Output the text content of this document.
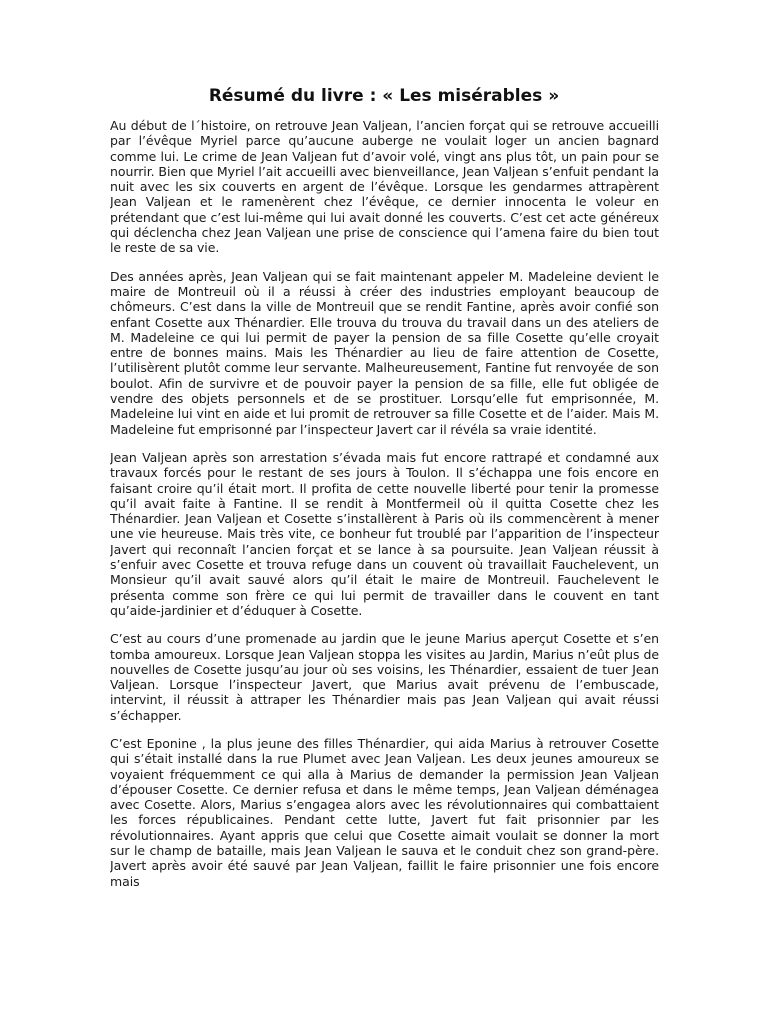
Résumé du livre : « Les misérables »

Au début de l´histoire, on retrouve Jean Valjean, l’ancien forçat qui se retrouve accueilli par l’évêque Myriel parce qu’aucune auberge ne voulait loger un ancien bagnard comme lui. Le crime de Jean Valjean fut d’avoir volé, vingt ans plus tôt, un pain pour se nourrir. Bien que Myriel l’ait accueilli avec bienveillance, Jean Valjean s’enfuit pendant la nuit avec les six couverts en argent de l’évêque. Lorsque les gendarmes attrapèrent Jean Valjean et le ramenèrent chez l’évêque, ce dernier innocenta le voleur en prétendant que c’est lui-même qui lui avait donné les couverts. C’est cet acte généreux qui déclencha chez Jean Valjean une prise de conscience qui l’amena faire du bien tout le reste de sa vie.

Des années après, Jean Valjean qui se fait maintenant appeler M. Madeleine devient le maire de Montreuil où il a réussi à créer des industries employant beaucoup de chômeurs. C’est dans la ville de Montreuil que se rendit Fantine, après avoir confié son enfant Cosette aux Thénardier. Elle trouva du trouva du travail dans un des ateliers de M. Madeleine ce qui lui permit de payer la pension de sa fille Cosette qu’elle croyait entre de bonnes mains. Mais les Thénardier au lieu de faire attention de Cosette, l’utilisèrent plutôt comme leur servante. Malheureusement, Fantine fut renvoyée de son boulot. Afin de survivre et de pouvoir payer la pension de sa fille, elle fut obligée de vendre des objets personnels et de se prostituer. Lorsqu’elle fut emprisonnée, M. Madeleine lui vint en aide et lui promit de retrouver sa fille Cosette et de l’aider. Mais M. Madeleine fut emprisonné par l’inspecteur Javert car il révéla sa vraie identité.

Jean Valjean après son arrestation s’évada mais fut encore rattrapé et condamné aux travaux forcés pour le restant de ses jours à Toulon. Il s’échappa une fois encore en faisant croire qu’il était mort. Il profita de cette nouvelle liberté pour tenir la promesse qu’il avait faite à Fantine. Il se rendit à Montfermeil où il quitta Cosette chez les Thénardier. Jean Valjean et Cosette s’installèrent à Paris où ils commencèrent à mener une vie heureuse. Mais très vite, ce bonheur fut troublé par l’apparition de l’inspecteur Javert qui reconnaît l’ancien forçat et se lance à sa poursuite. Jean Valjean réussit à s’enfuir avec Cosette et trouva refuge dans un couvent où travaillait Fauchelevent, un Monsieur qu’il avait sauvé alors qu’il était le maire de Montreuil. Fauchelevent le présenta comme son frère ce qui lui permit de travailler dans le couvent en tant qu’aide-jardinier et d’éduquer à Cosette.

C’est au cours d’une promenade au jardin que le jeune Marius aperçut Cosette et s’en tomba amoureux. Lorsque Jean Valjean stoppa les visites au Jardin, Marius n’eût plus de nouvelles de Cosette jusqu’au jour où ses voisins, les Thénardier, essaient de tuer Jean Valjean. Lorsque l’inspecteur Javert, que Marius avait prévenu de l’embuscade, intervint, il réussit à attraper les Thénardier mais pas Jean Valjean qui avait réussi s’échapper.

C’est Eponine , la plus jeune des filles Thénardier, qui aida Marius à retrouver Cosette qui s’était installé dans la rue Plumet avec Jean Valjean. Les deux jeunes amoureux se voyaient fréquemment ce qui alla à Marius de demander la permission Jean Valjean d’épouser Cosette. Ce dernier refusa et dans le même temps, Jean Valjean déménagea avec Cosette. Alors, Marius s’engagea alors avec les révolutionnaires qui combattaient les forces républicaines. Pendant cette lutte, Javert fut fait prisonnier par les révolutionnaires. Ayant appris que celui que Cosette aimait voulait se donner la mort sur le champ de bataille, mais Jean Valjean le sauva et le conduit chez son grand-père. Javert après avoir été sauvé par Jean Valjean, faillit le faire prisonnier une fois encore mais
